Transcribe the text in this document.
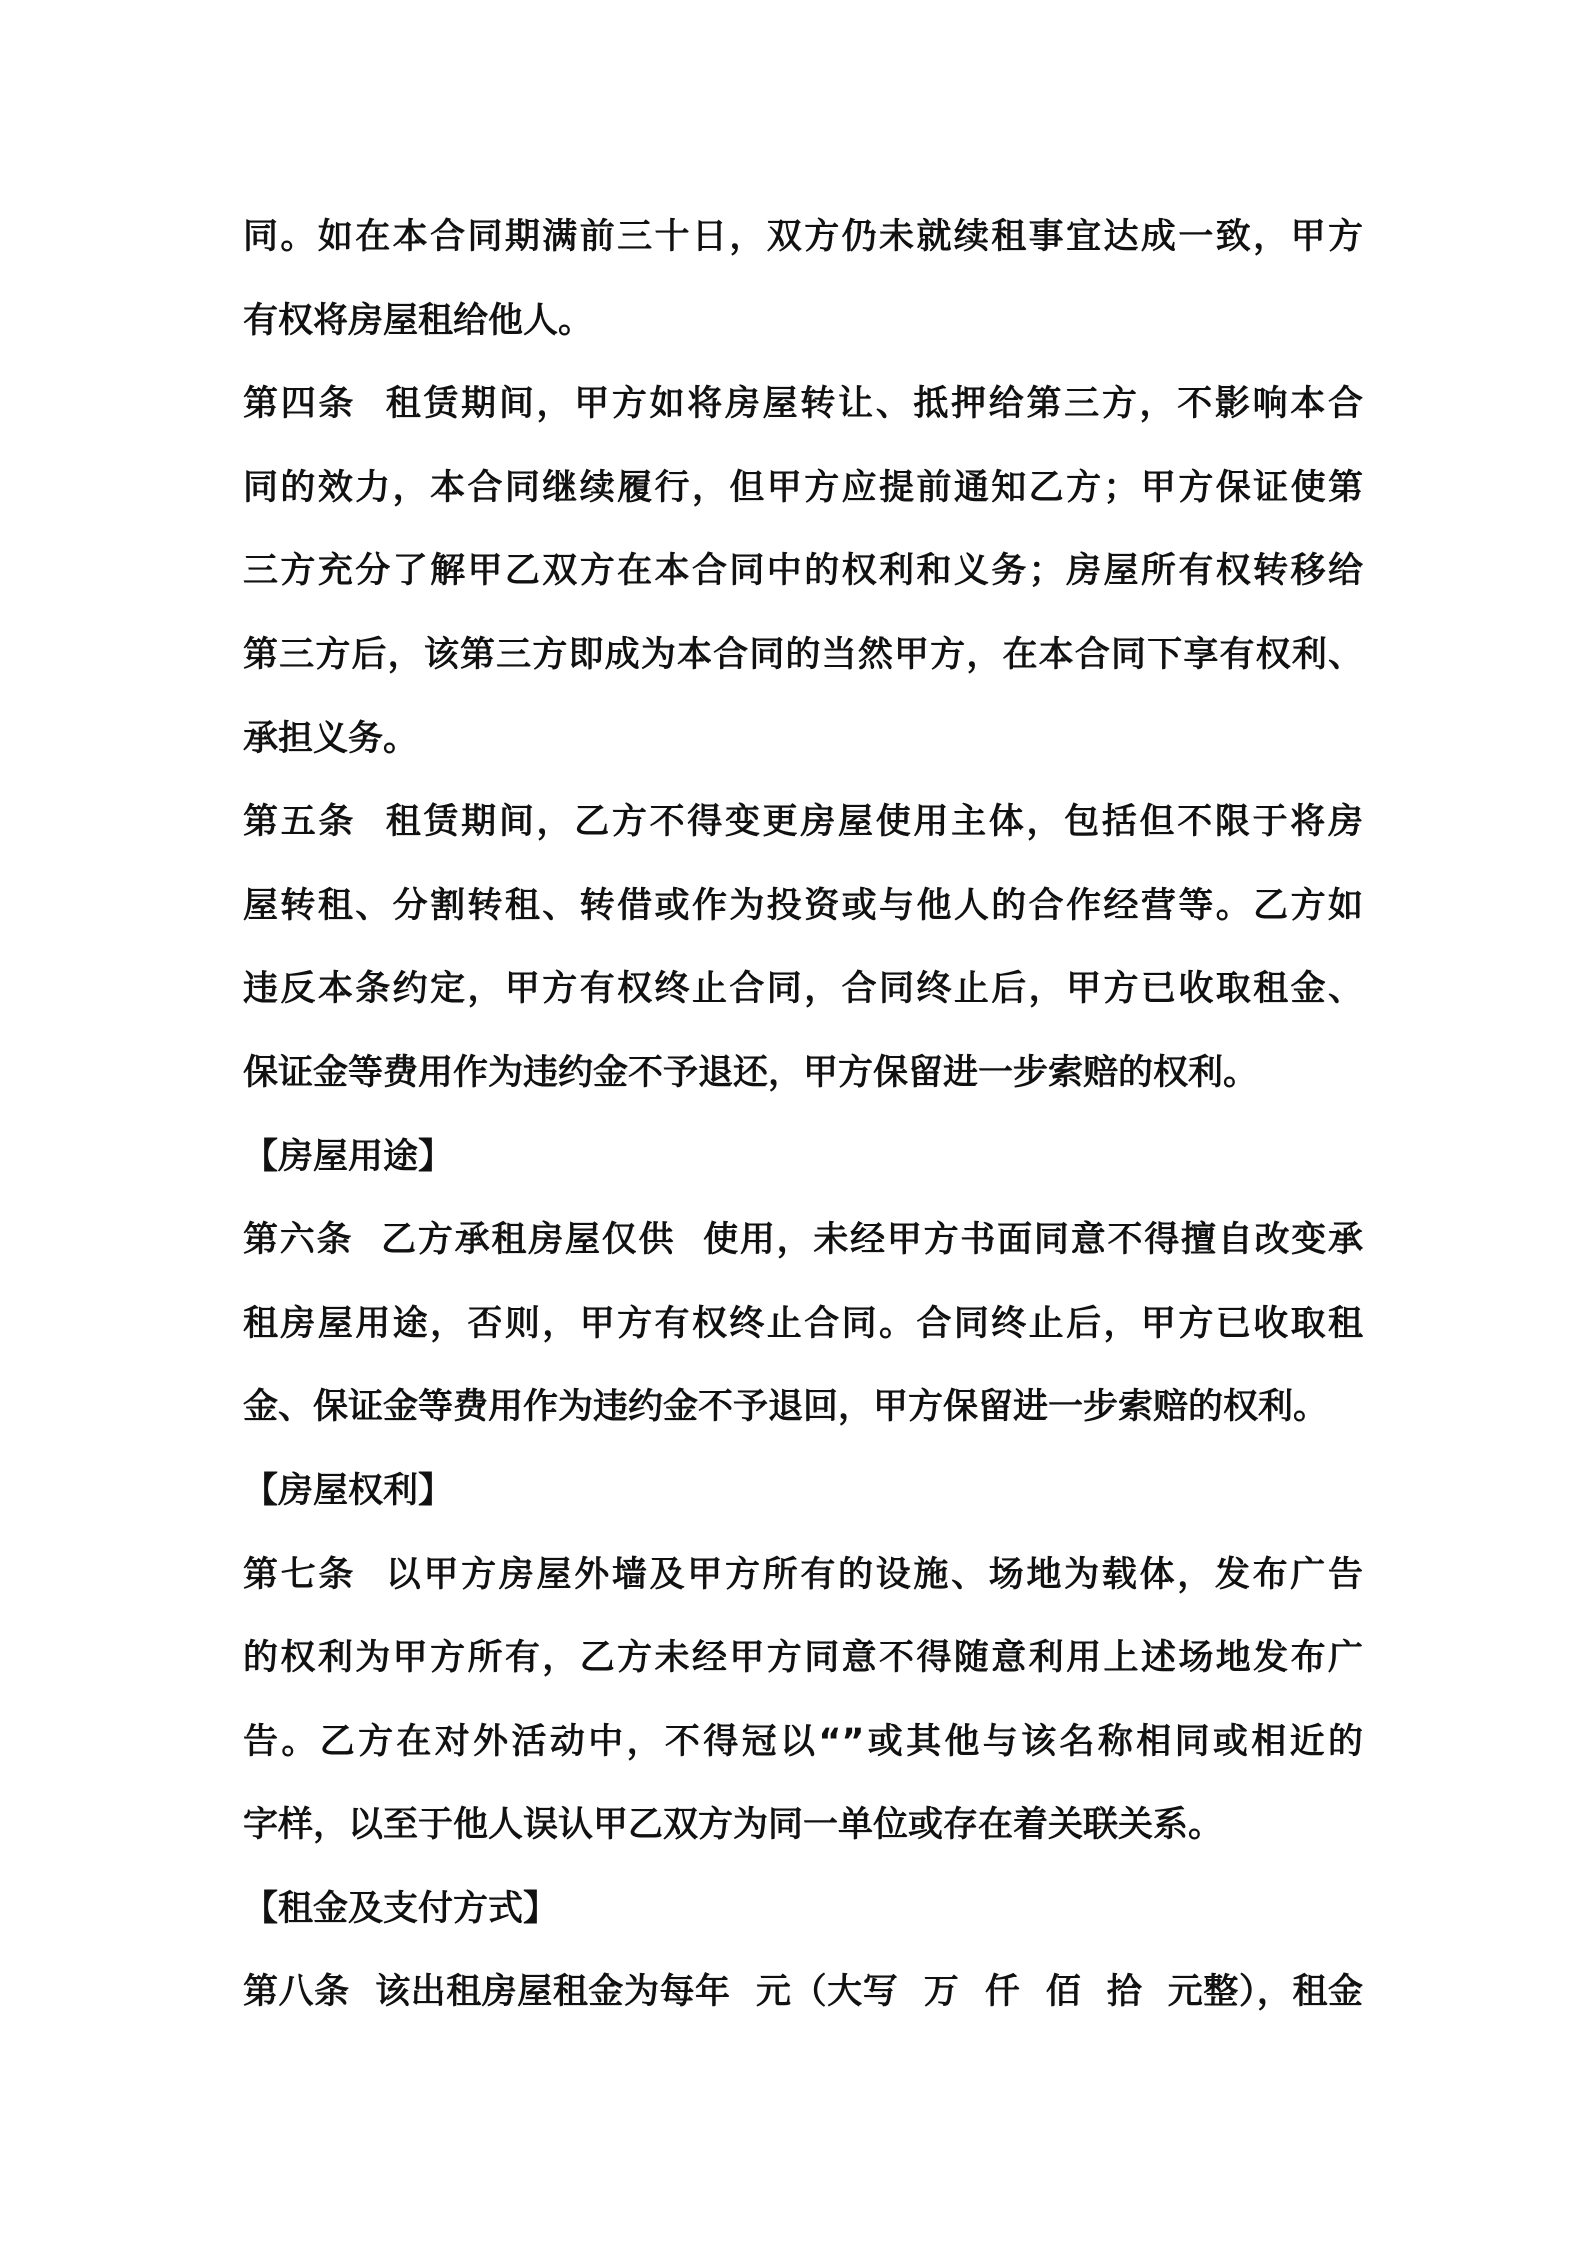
同。如在本合同期满前三十日，双方仍未就续租事宜达成一致，甲方
有权将房屋租给他人。
第四条  租赁期间，甲方如将房屋转让、抵押给第三方，不影响本合
同的效力，本合同继续履行，但甲方应提前通知乙方；甲方保证使第
三方充分了解甲乙双方在本合同中的权利和义务；房屋所有权转移给
第三方后，该第三方即成为本合同的当然甲方，在本合同下享有权利、
承担义务。
第五条  租赁期间，乙方不得变更房屋使用主体，包括但不限于将房
屋转租、分割转租、转借或作为投资或与他人的合作经营等。乙方如
违反本条约定，甲方有权终止合同，合同终止后，甲方已收取租金、
保证金等费用作为违约金不予退还，甲方保留进一步索赔的权利。
【房屋用途】
第六条  乙方承租房屋仅供  使用，未经甲方书面同意不得擅自改变承
租房屋用途，否则，甲方有权终止合同。合同终止后，甲方已收取租
金、保证金等费用作为违约金不予退回，甲方保留进一步索赔的权利。
【房屋权利】
第七条  以甲方房屋外墙及甲方所有的设施、场地为载体，发布广告
的权利为甲方所有，乙方未经甲方同意不得随意利用上述场地发布广
告。乙方在对外活动中，不得冠以“”或其他与该名称相同或相近的
字样，以至于他人误认甲乙双方为同一单位或存在着关联关系。
【租金及支付方式】
第八条  该出租房屋租金为每年  元（大写  万  仟  佰  拾  元整），租金
